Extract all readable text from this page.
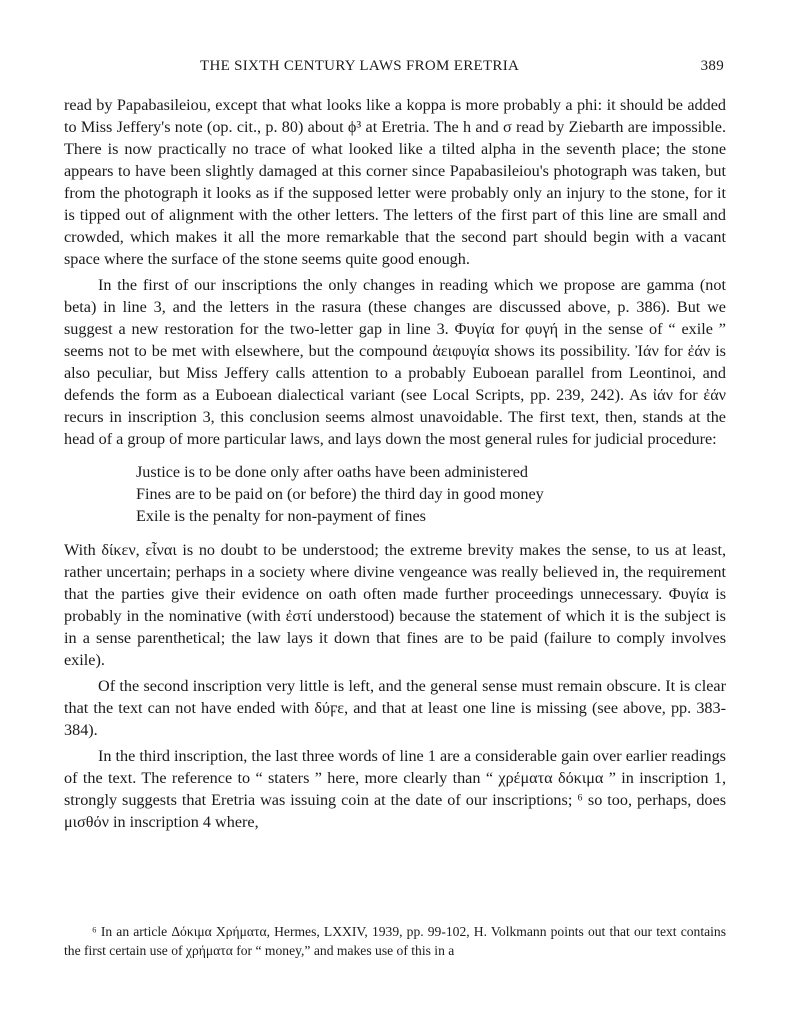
THE SIXTH CENTURY LAWS FROM ERETRIA	389

read by Papabasileiou, except that what looks like a koppa is more probably a phi: it should be added to Miss Jeffery's note (op. cit., p. 80) about ϕ³ at Eretria. The h and σ read by Ziebarth are impossible. There is now practically no trace of what looked like a tilted alpha in the seventh place; the stone appears to have been slightly damaged at this corner since Papabasileiou's photograph was taken, but from the photograph it looks as if the supposed letter were probably only an injury to the stone, for it is tipped out of alignment with the other letters. The letters of the first part of this line are small and crowded, which makes it all the more remarkable that the second part should begin with a vacant space where the surface of the stone seems quite good enough.

In the first of our inscriptions the only changes in reading which we propose are gamma (not beta) in line 3, and the letters in the rasura (these changes are discussed above, p. 386). But we suggest a new restoration for the two-letter gap in line 3. Φυγία for φυγή in the sense of “ exile ” seems not to be met with elsewhere, but the compound ἀειφυγία shows its possibility. Ἰάν for ἐάν is also peculiar, but Miss Jeffery calls attention to a probably Euboean parallel from Leontinoi, and defends the form as a Euboean dialectical variant (see Local Scripts, pp. 239, 242). As ἰάν for ἐάν recurs in inscription 3, this conclusion seems almost unavoidable. The first text, then, stands at the head of a group of more particular laws, and lays down the most general rules for judicial procedure:

Justice is to be done only after oaths have been administered
Fines are to be paid on (or before) the third day in good money
Exile is the penalty for non-payment of fines

With δίκεν, εἶναι is no doubt to be understood; the extreme brevity makes the sense, to us at least, rather uncertain; perhaps in a society where divine vengeance was really believed in, the requirement that the parties give their evidence on oath often made further proceedings unnecessary. Φυγία is probably in the nominative (with ἐστί understood) because the statement of which it is the subject is in a sense parenthetical; the law lays it down that fines are to be paid (failure to comply involves exile).

Of the second inscription very little is left, and the general sense must remain obscure. It is clear that the text can not have ended with δύϝε, and that at least one line is missing (see above, pp. 383-384).

In the third inscription, the last three words of line 1 are a considerable gain over earlier readings of the text. The reference to “ staters ” here, more clearly than “ χρέματα δόκιμα ” in inscription 1, strongly suggests that Eretria was issuing coin at the date of our inscriptions; ⁶ so too, perhaps, does μισθόν in inscription 4 where,

⁶ In an article Δόκιμα Χρήματα, Hermes, LXXIV, 1939, pp. 99-102, H. Volkmann points out that our text contains the first certain use of χρήματα for “ money,” and makes use of this in a
